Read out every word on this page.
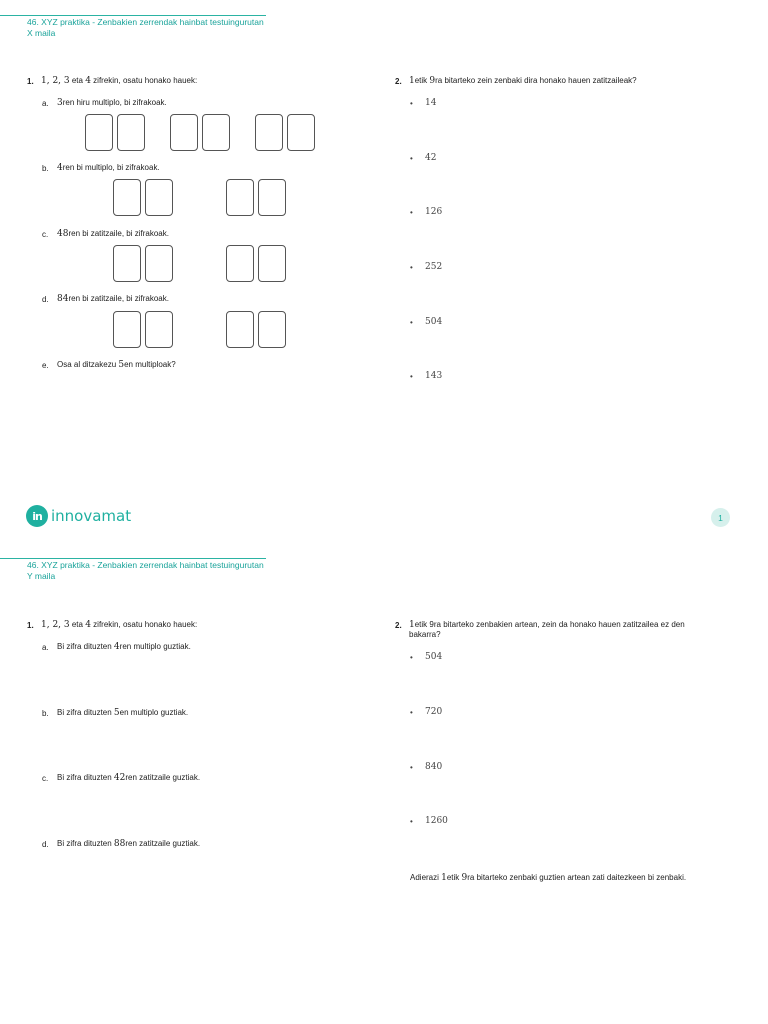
46. XYZ praktika - Zenbakien zerrendak hainbat testuingurutan
X maila
1. 1, 2, 3 eta 4 zifrekin, osatu honako hauek:
a. 3ren hiru multiplo, bi zifrakoak.
b. 4ren bi multiplo, bi zifrakoak.
c. 48ren bi zatitzaile, bi zifrakoak.
d. 84ren bi zatitzaile, bi zifrakoak.
e. Osa al ditzakezu 5en multiploak?
2. 1etik 9ra bitarteko zein zenbaki dira honako hauen zatitzaileak?
• 14
• 42
• 126
• 252
• 504
• 143
in innovamat	1
46. XYZ praktika - Zenbakien zerrendak hainbat testuingurutan
Y maila
1. 1, 2, 3 eta 4 zifrekin, osatu honako hauek:
a. Bi zifra dituzten 4ren multiplo guztiak.
b. Bi zifra dituzten 5en multiplo guztiak.
c. Bi zifra dituzten 42ren zatitzaile guztiak.
d. Bi zifra dituzten 88ren zatitzaile guztiak.
2. 1etik 9ra bitarteko zenbakien artean, zein da honako hauen zatitzailea ez den
bakarra?
• 504
• 720
• 840
• 1260
Adierazi 1etik 9ra bitarteko zenbaki guztien artean zati daitezkeen bi zenbaki.
